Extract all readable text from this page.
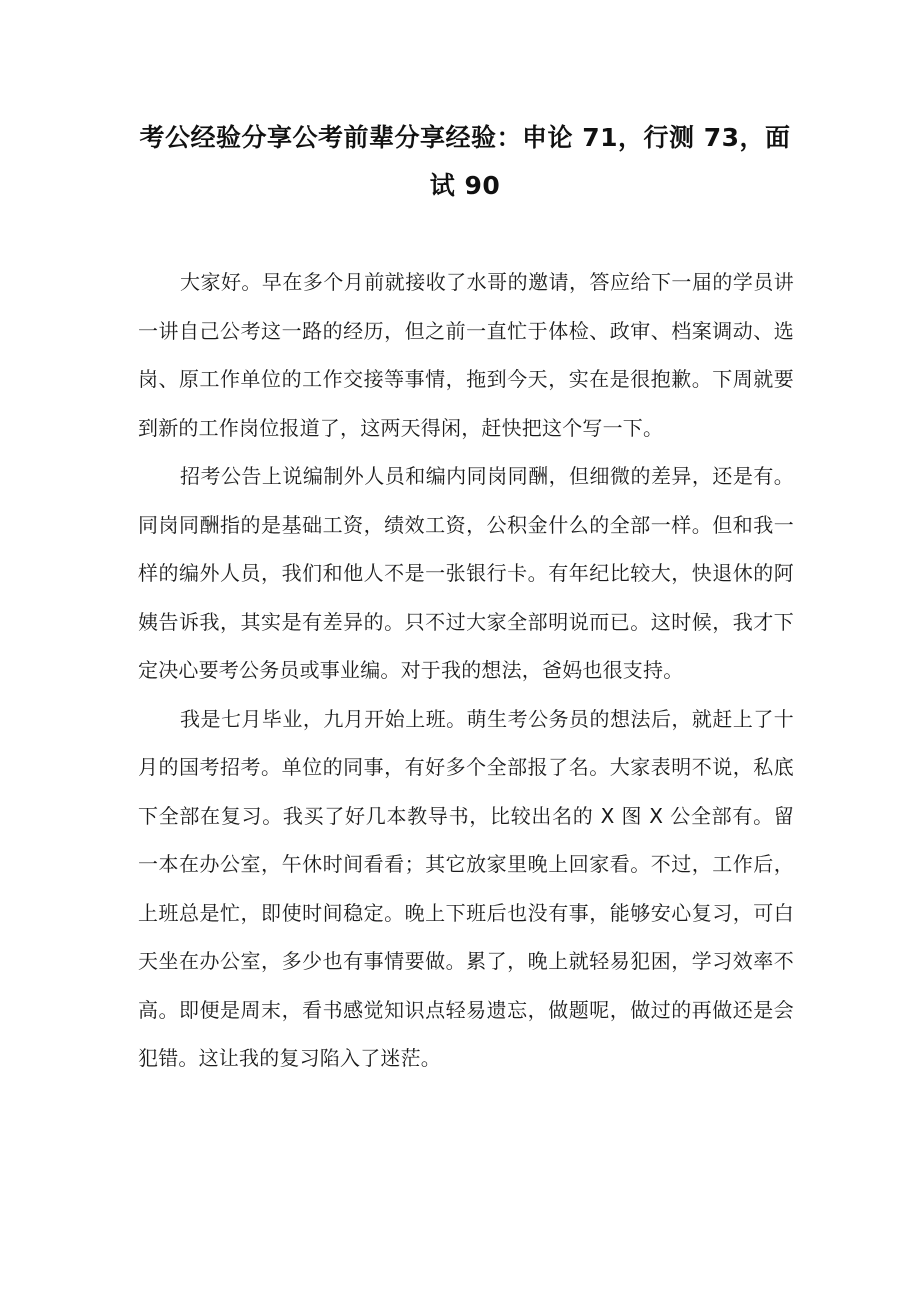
考公经验分享公考前辈分享经验：申论 71，行测 73，面试 90

大家好。早在多个月前就接收了水哥的邀请，答应给下一届的学员讲一讲自己公考这一路的经历，但之前一直忙于体检、政审、档案调动、选岗、原工作单位的工作交接等事情，拖到今天，实在是很抱歉。下周就要到新的工作岗位报道了，这两天得闲，赶快把这个写一下。

招考公告上说编制外人员和编内同岗同酬，但细微的差异，还是有。同岗同酬指的是基础工资，绩效工资，公积金什么的全部一样。但和我一样的编外人员，我们和他人不是一张银行卡。有年纪比较大，快退休的阿姨告诉我，其实是有差异的。只不过大家全部明说而已。这时候，我才下定决心要考公务员或事业编。对于我的想法，爸妈也很支持。

我是七月毕业，九月开始上班。萌生考公务员的想法后，就赶上了十月的国考招考。单位的同事，有好多个全部报了名。大家表明不说，私底下全部在复习。我买了好几本教导书，比较出名的 X 图 X 公全部有。留一本在办公室，午休时间看看；其它放家里晚上回家看。不过，工作后，上班总是忙，即使时间稳定。晚上下班后也没有事，能够安心复习，可白天坐在办公室，多少也有事情要做。累了，晚上就轻易犯困，学习效率不高。即便是周末，看书感觉知识点轻易遗忘，做题呢，做过的再做还是会犯错。这让我的复习陷入了迷茫。
